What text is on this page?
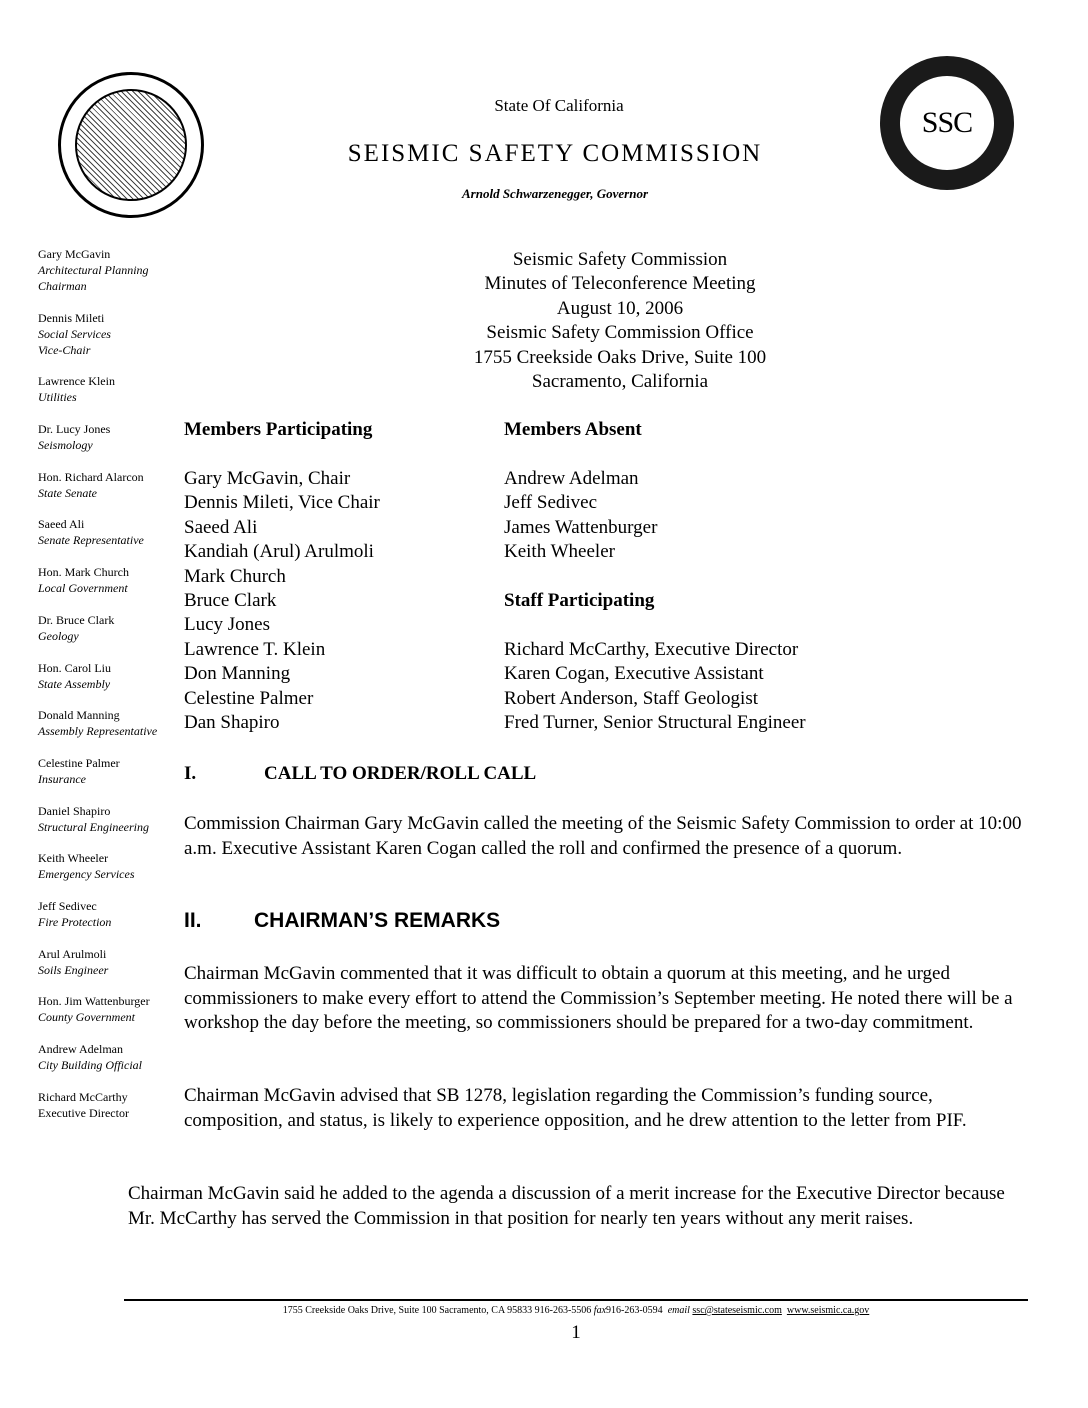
SSC
State Of California
SEISMIC SAFETY COMMISSION
Arnold Schwarzenegger, Governor
Gary McGavin
Architectural Planning
Chairman
Dennis Mileti
Social Services
Vice-Chair
Lawrence Klein
Utilities
Dr. Lucy Jones
Seismology
Hon. Richard Alarcon
State Senate
Saeed Ali
Senate Representative
Hon. Mark Church
Local Government
Dr. Bruce Clark
Geology
Hon. Carol Liu
State Assembly
Donald Manning
Assembly Representative
Celestine Palmer
Insurance
Daniel Shapiro
Structural Engineering
Keith Wheeler
Emergency Services
Jeff Sedivec
Fire Protection
Arul Arulmoli
Soils Engineer
Hon. Jim Wattenburger
County Government
Andrew Adelman
City Building Official
Richard McCarthy
Executive Director
Seismic Safety Commission
Minutes of Teleconference Meeting
August 10, 2006
Seismic Safety Commission Office
1755 Creekside Oaks Drive, Suite 100
Sacramento, California
Members Participating
Gary McGavin, Chair
Dennis Mileti, Vice Chair
Saeed Ali
Kandiah (Arul) Arulmoli
Mark Church
Bruce Clark
Lucy Jones
Lawrence T. Klein
Don Manning
Celestine Palmer
Dan Shapiro
Members Absent
Andrew Adelman
Jeff Sedivec
James Wattenburger
Keith Wheeler
Staff Participating
Richard McCarthy, Executive Director
Karen Cogan, Executive Assistant
Robert Anderson, Staff Geologist
Fred Turner, Senior Structural Engineer
I.	CALL TO ORDER/ROLL CALL
Commission Chairman Gary McGavin called the meeting of the Seismic Safety Commission to order at 10:00 a.m. Executive Assistant Karen Cogan called the roll and confirmed the presence of a quorum.
II. CHAIRMAN’S REMARKS
Chairman McGavin commented that it was difficult to obtain a quorum at this meeting, and he urged commissioners to make every effort to attend the Commission’s September meeting. He noted there will be a workshop the day before the meeting, so commissioners should be prepared for a two-day commitment.
Chairman McGavin advised that SB 1278, legislation regarding the Commission’s funding source, composition, and status, is likely to experience opposition, and he drew attention to the letter from PIF.
Chairman McGavin said he added to the agenda a discussion of a merit increase for the Executive Director because Mr. McCarthy has served the Commission in that position for nearly ten years without any merit raises.
1755 Creekside Oaks Drive, Suite 100 Sacramento, CA 95833 916-263-5506 fax916-263-0594 email ssc@stateseismic.com www.seismic.ca.gov
1
